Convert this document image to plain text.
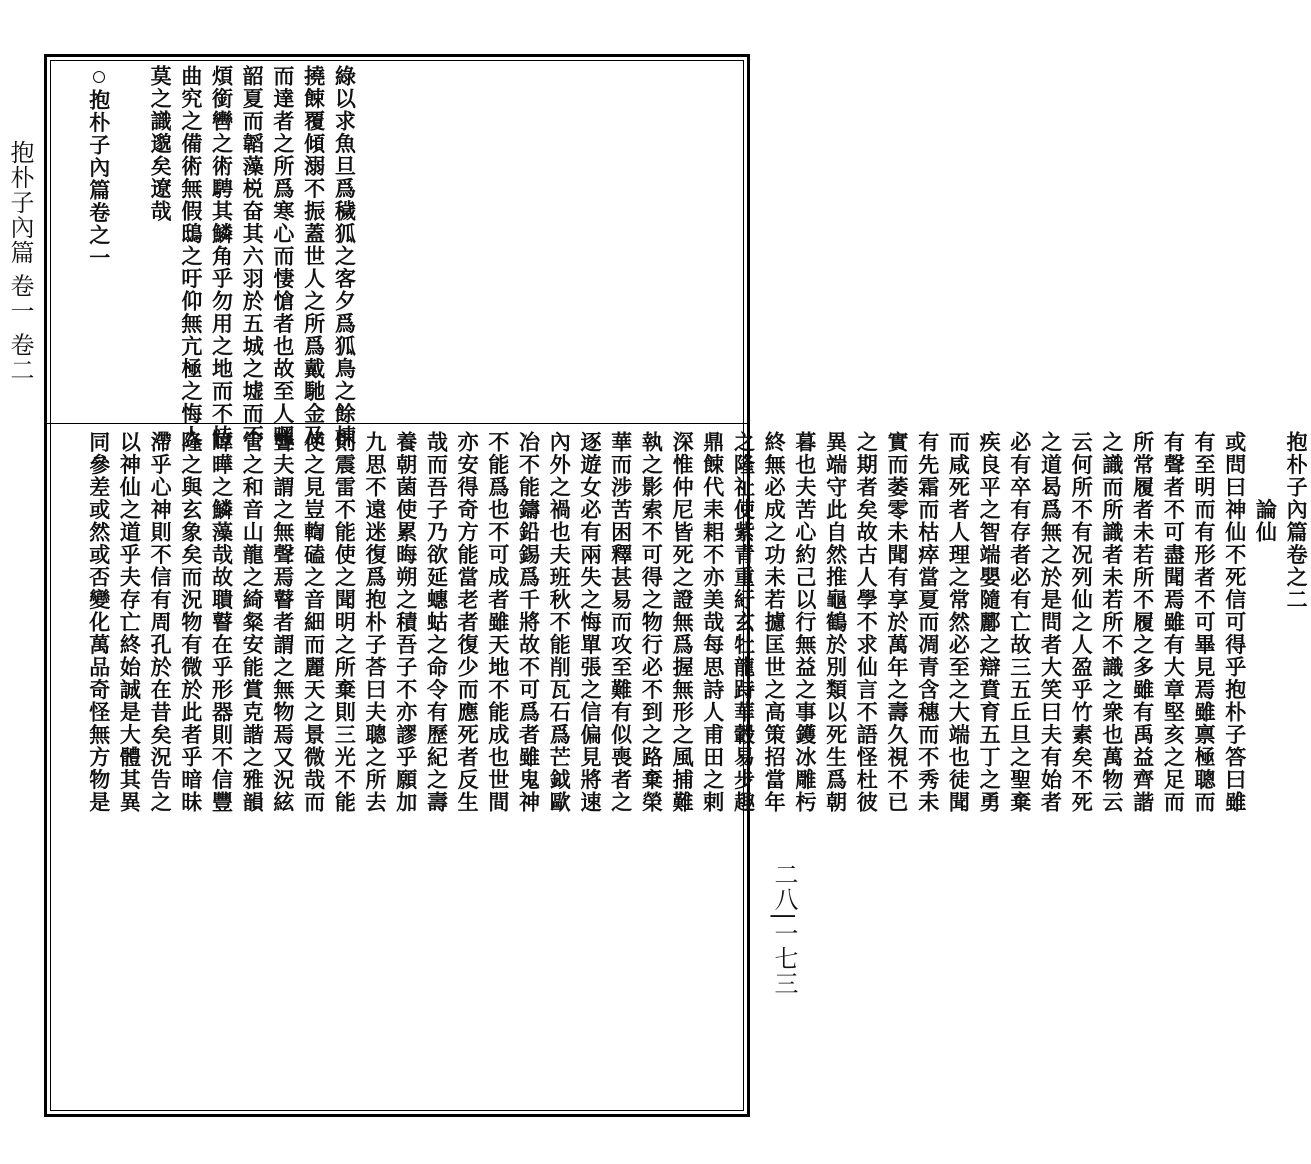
抱朴子內篇 卷一 卷二
二八|一七三
綠以求魚旦爲穢狐之客夕爲狐鳥之餘棟
撓餗覆傾溺不振蓋世人之所爲戴馳金及
而達者之所爲寒心而悽愴者也故至人嘿
韶夏而韜藻棁奋其六羽於五城之墟而不
煩銜轡之術騁其鱗角乎勿用之地而不恃
曲究之備術無假鴟之吁仰無亢極之悔人
莫之識邈矣遼哉

抱朴子內篇卷之一
抱朴子內篇卷之二
　　　論仙
或問曰神仙不死信可得乎抱朴子答曰雖
有至明而有形者不可畢見焉雖禀極聰而
有聲者不可盡聞焉雖有大章堅亥之足而
所常履者未若所不履之多雖有禹益齊諧
之識而所識者未若所不識之衆也萬物云
云何所不有况列仙之人盈乎竹素矣不死
之道曷爲無之於是問者大笑曰夫有始者
必有卒有存者必有亡故三五丘旦之聖棄
疾良平之智端嬰隨酈之辯賁育五丁之勇
而咸死者人理之常然必至之大端也徒聞
有先霜而枯瘁當夏而凋青含穗而不秀未
實而萎零未聞有享於萬年之壽久視不已
之期者矣故古人學不求仙言不語怪杜彼
異端守此自然推龜鶴於別類以死生爲朝
暮也夫苦心約己以行無益之事鑊冰雕杇
終無必成之功未若攄匡世之高策招當年
之隆祉使紫青重紆玄牡龍跱華轂易步趣
鼎餗代耒耜不亦美哉每思詩人甫田之剌
深惟仲尼皆死之證無爲握無形之風捕難
執之影索不可得之物行必不到之路棄榮
華而涉苦困釋甚易而攻至難有似喪者之
逐遊女必有兩失之悔單張之信偏見將速
內外之禍也夫班秋不能削瓦石爲芒鉞歐
冶不能鑄鉛錫爲千將故不可爲者雖鬼神
不能爲也不可成者雖天地不能成也世間
亦安得奇方能當老者復少而應死者反生
哉而吾子乃欲延蟪蛄之命令有歷紀之壽
養朝菌使累晦朔之積吾子不亦謬乎願加
九思不遠迷復爲抱朴子荅曰夫聰之所去
則震雷不能使之聞明之所棄則三光不能
使之見豈輷磕之音細而麗天之景微哉而
聾夫謂之無聲焉瞽者謂之無物焉又況絃
管之和音山龍之綺粲安能賞克諧之雅韻
暐曄之鱗藻哉故聵瞽在乎形器則不信豐
隆之與玄象矣而況物有微於此者乎暗昧
滯乎心神則不信有周孔於在昔矣況告之
以神仙之道乎夫存亡終始誠是大體其異
同參差或然或否變化萬品奇怪無方物是
